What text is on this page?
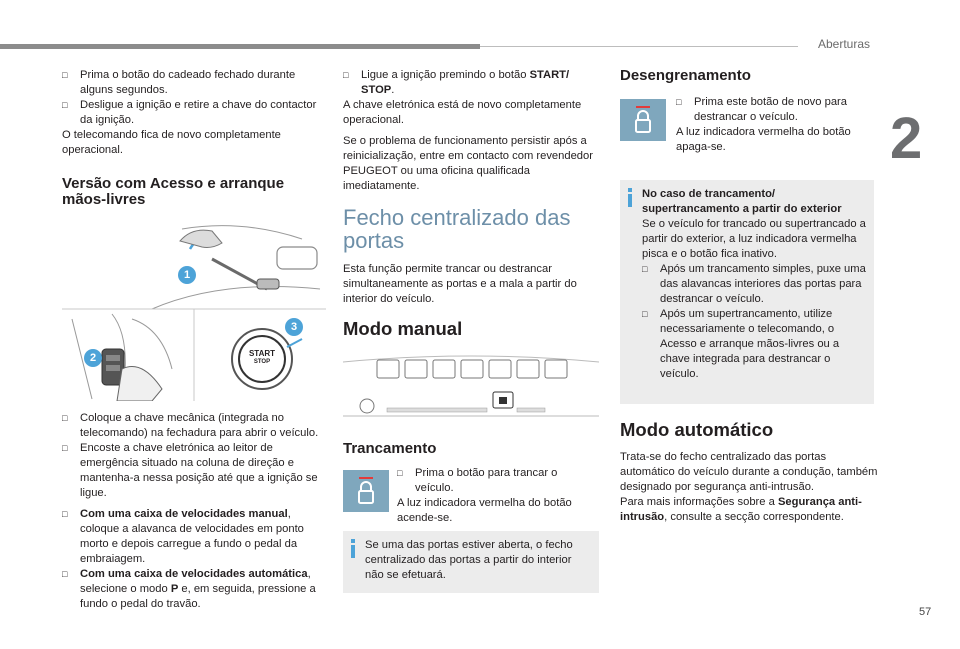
Aberturas
2
57

□ Prima o botão do cadeado fechado durante alguns segundos.

□ Desligue a ignição e retire a chave do contactor da ignição.

O telecomando fica de novo completamente operacional.

Versão com Acesso e arranque mãos-livres
1
2
3
START
STOP

□ Coloque a chave mecânica (integrada no telecomando) na fechadura para abrir o veículo.

□ Encoste a chave eletrónica ao leitor de emergência situado na coluna de direção e mantenha-a nessa posição até que a ignição se ligue.

□ Com uma caixa de velocidades manual, coloque a alavanca de velocidades em ponto morto e depois carregue a fundo o pedal da embraiagem.

□ Com uma caixa de velocidades automática, selecione o modo P e, em seguida, pressione a fundo o pedal do travão.

□ Ligue a ignição premindo o botão START/ STOP.

A chave eletrónica está de novo completamente operacional.

Se o problema de funcionamento persistir após a reinicialização, entre em contacto com revendedor PEUGEOT ou uma oficina qualificada imediatamente.

Fecho centralizado das portas

Esta função permite trancar ou destrancar simultaneamente as portas e a mala a partir do interior do veículo.

Modo manual
Trancamento

□ Prima o botão para trancar o veículo.

A luz indicadora vermelha do botão acende-se.

Se uma das portas estiver aberta, o fecho centralizado das portas a partir do interior não se efetuará.

Desengrenamento

□ Prima este botão de novo para destrancar o veículo.

A luz indicadora vermelha do botão apaga-se.

No caso de trancamento/ supertrancamento a partir do exterior

Se o veículo for trancado ou supertrancado a partir do exterior, a luz indicadora vermelha pisca e o botão fica inativo.

□ Após um trancamento simples, puxe uma das alavancas interiores das portas para destrancar o veículo.

□ Após um supertrancamento, utilize necessariamente o telecomando, o Acesso e arranque mãos-livres ou a chave integrada para destrancar o veículo.

Modo automático

Trata-se do fecho centralizado das portas automático do veículo durante a condução, também designado por segurança anti-intrusão.

Para mais informações sobre a Segurança anti-intrusão, consulte a secção correspondente.
